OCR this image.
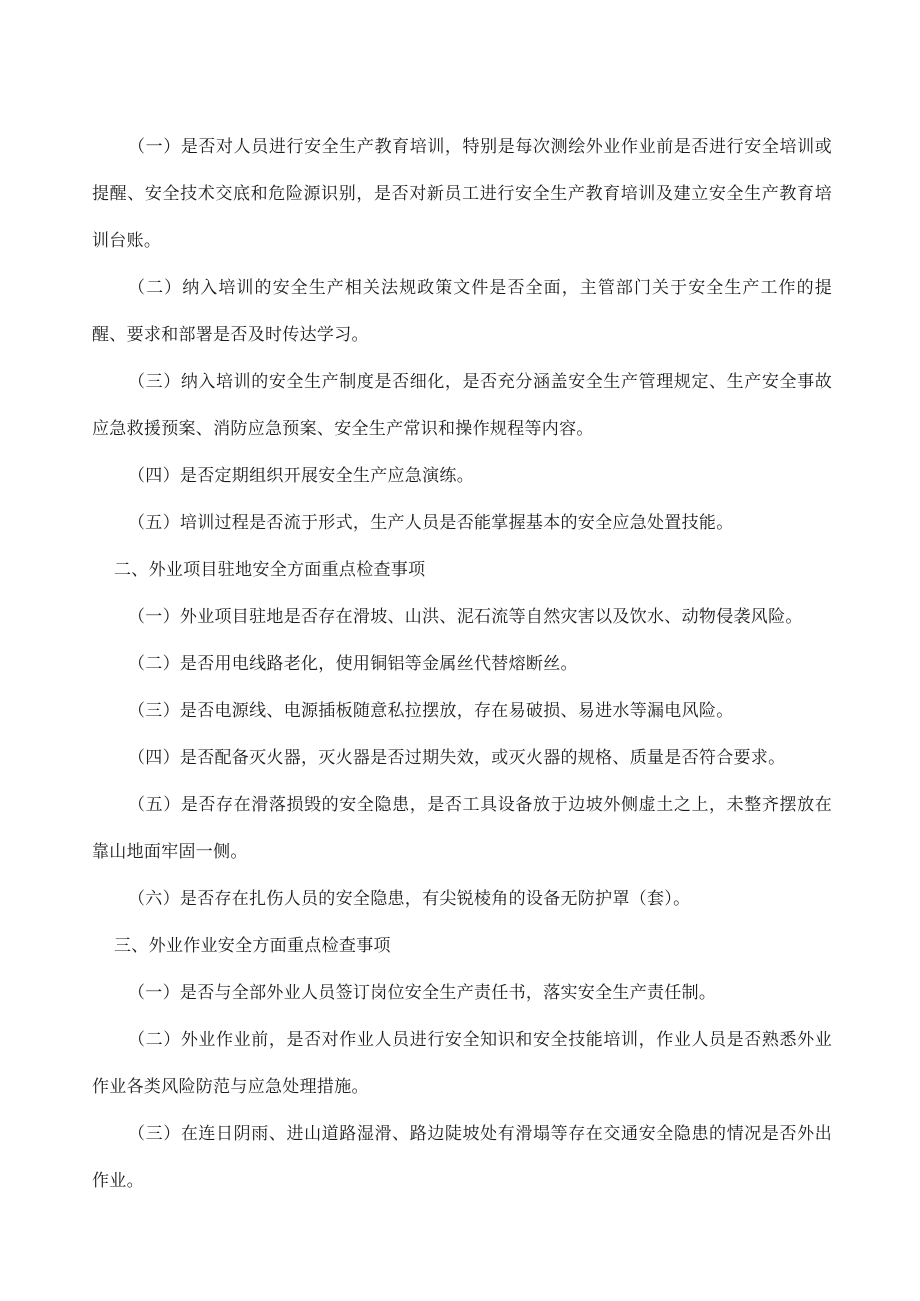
（一）是否对人员进行安全生产教育培训，特别是每次测绘外业作业前是否进行安全培训或提醒、安全技术交底和危险源识别，是否对新员工进行安全生产教育培训及建立安全生产教育培训台账。

（二）纳入培训的安全生产相关法规政策文件是否全面，主管部门关于安全生产工作的提醒、要求和部署是否及时传达学习。

（三）纳入培训的安全生产制度是否细化，是否充分涵盖安全生产管理规定、生产安全事故应急救援预案、消防应急预案、安全生产常识和操作规程等内容。

（四）是否定期组织开展安全生产应急演练。

（五）培训过程是否流于形式，生产人员是否能掌握基本的安全应急处置技能。

二、外业项目驻地安全方面重点检查事项

（一）外业项目驻地是否存在滑坡、山洪、泥石流等自然灾害以及饮水、动物侵袭风险。

（二）是否用电线路老化，使用铜铝等金属丝代替熔断丝。

（三）是否电源线、电源插板随意私拉摆放，存在易破损、易进水等漏电风险。

（四）是否配备灭火器，灭火器是否过期失效，或灭火器的规格、质量是否符合要求。

（五）是否存在滑落损毁的安全隐患，是否工具设备放于边坡外侧虚土之上，未整齐摆放在靠山地面牢固一侧。

（六）是否存在扎伤人员的安全隐患，有尖锐棱角的设备无防护罩（套）。

三、外业作业安全方面重点检查事项

（一）是否与全部外业人员签订岗位安全生产责任书，落实安全生产责任制。

（二）外业作业前，是否对作业人员进行安全知识和安全技能培训，作业人员是否熟悉外业作业各类风险防范与应急处理措施。

（三）在连日阴雨、进山道路湿滑、路边陡坡处有滑塌等存在交通安全隐患的情况是否外出作业。
